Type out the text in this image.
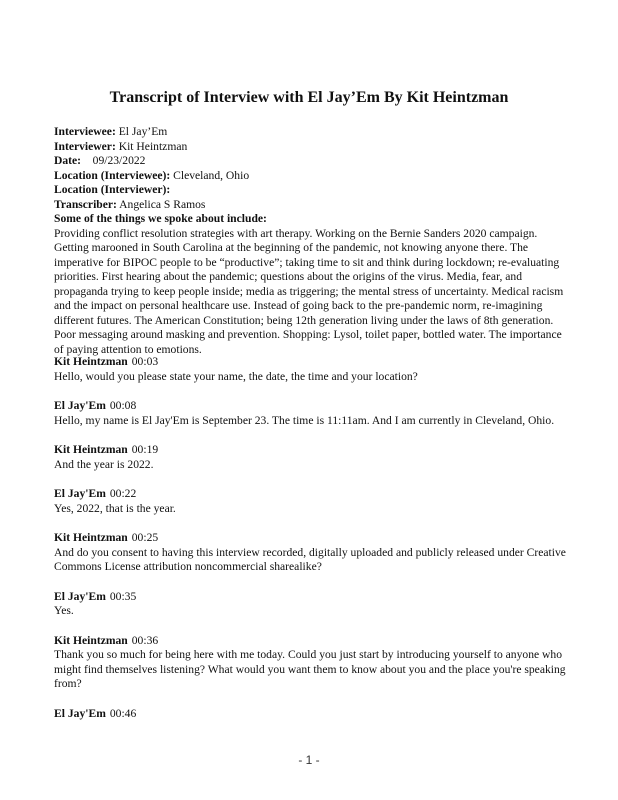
Transcript of Interview with El Jay’Em By Kit Heintzman
Interviewee: El Jay’Em
Interviewer: Kit Heintzman
Date:    09/23/2022
Location (Interviewee): Cleveland, Ohio
Location (Interviewer):
Transcriber: Angelica S Ramos
Some of the things we spoke about include:

Providing conflict resolution strategies with art therapy. Working on the Bernie Sanders 2020 campaign. Getting marooned in South Carolina at the beginning of the pandemic, not knowing anyone there. The imperative for BIPOC people to be “productive”; taking time to sit and think during lockdown; re-evaluating priorities. First hearing about the pandemic; questions about the origins of the virus. Media, fear, and propaganda trying to keep people inside; media as triggering; the mental stress of uncertainty. Medical racism and the impact on personal healthcare use. Instead of going back to the pre-pandemic norm, re-imagining different futures. The American Constitution; being 12th generation living under the laws of 8th generation. Poor messaging around masking and prevention. Shopping: Lysol, toilet paper, bottled water. The importance of paying attention to emotions.

Kit Heintzman 00:03

Hello, would you please state your name, the date, the time and your location?

El Jay'Em 00:08

Hello, my name is El Jay'Em is September 23. The time is 11:11am. And I am currently in Cleveland, Ohio.

Kit Heintzman 00:19

And the year is 2022.

El Jay'Em 00:22

Yes, 2022, that is the year.

Kit Heintzman 00:25

And do you consent to having this interview recorded, digitally uploaded and publicly released under Creative Commons License attribution noncommercial sharealike?

El Jay'Em 00:35

Yes.

Kit Heintzman 00:36

Thank you so much for being here with me today. Could you just start by introducing yourself to anyone who might find themselves listening? What would you want them to know about you and the place you're speaking from?

El Jay'Em 00:46
- 1 -
